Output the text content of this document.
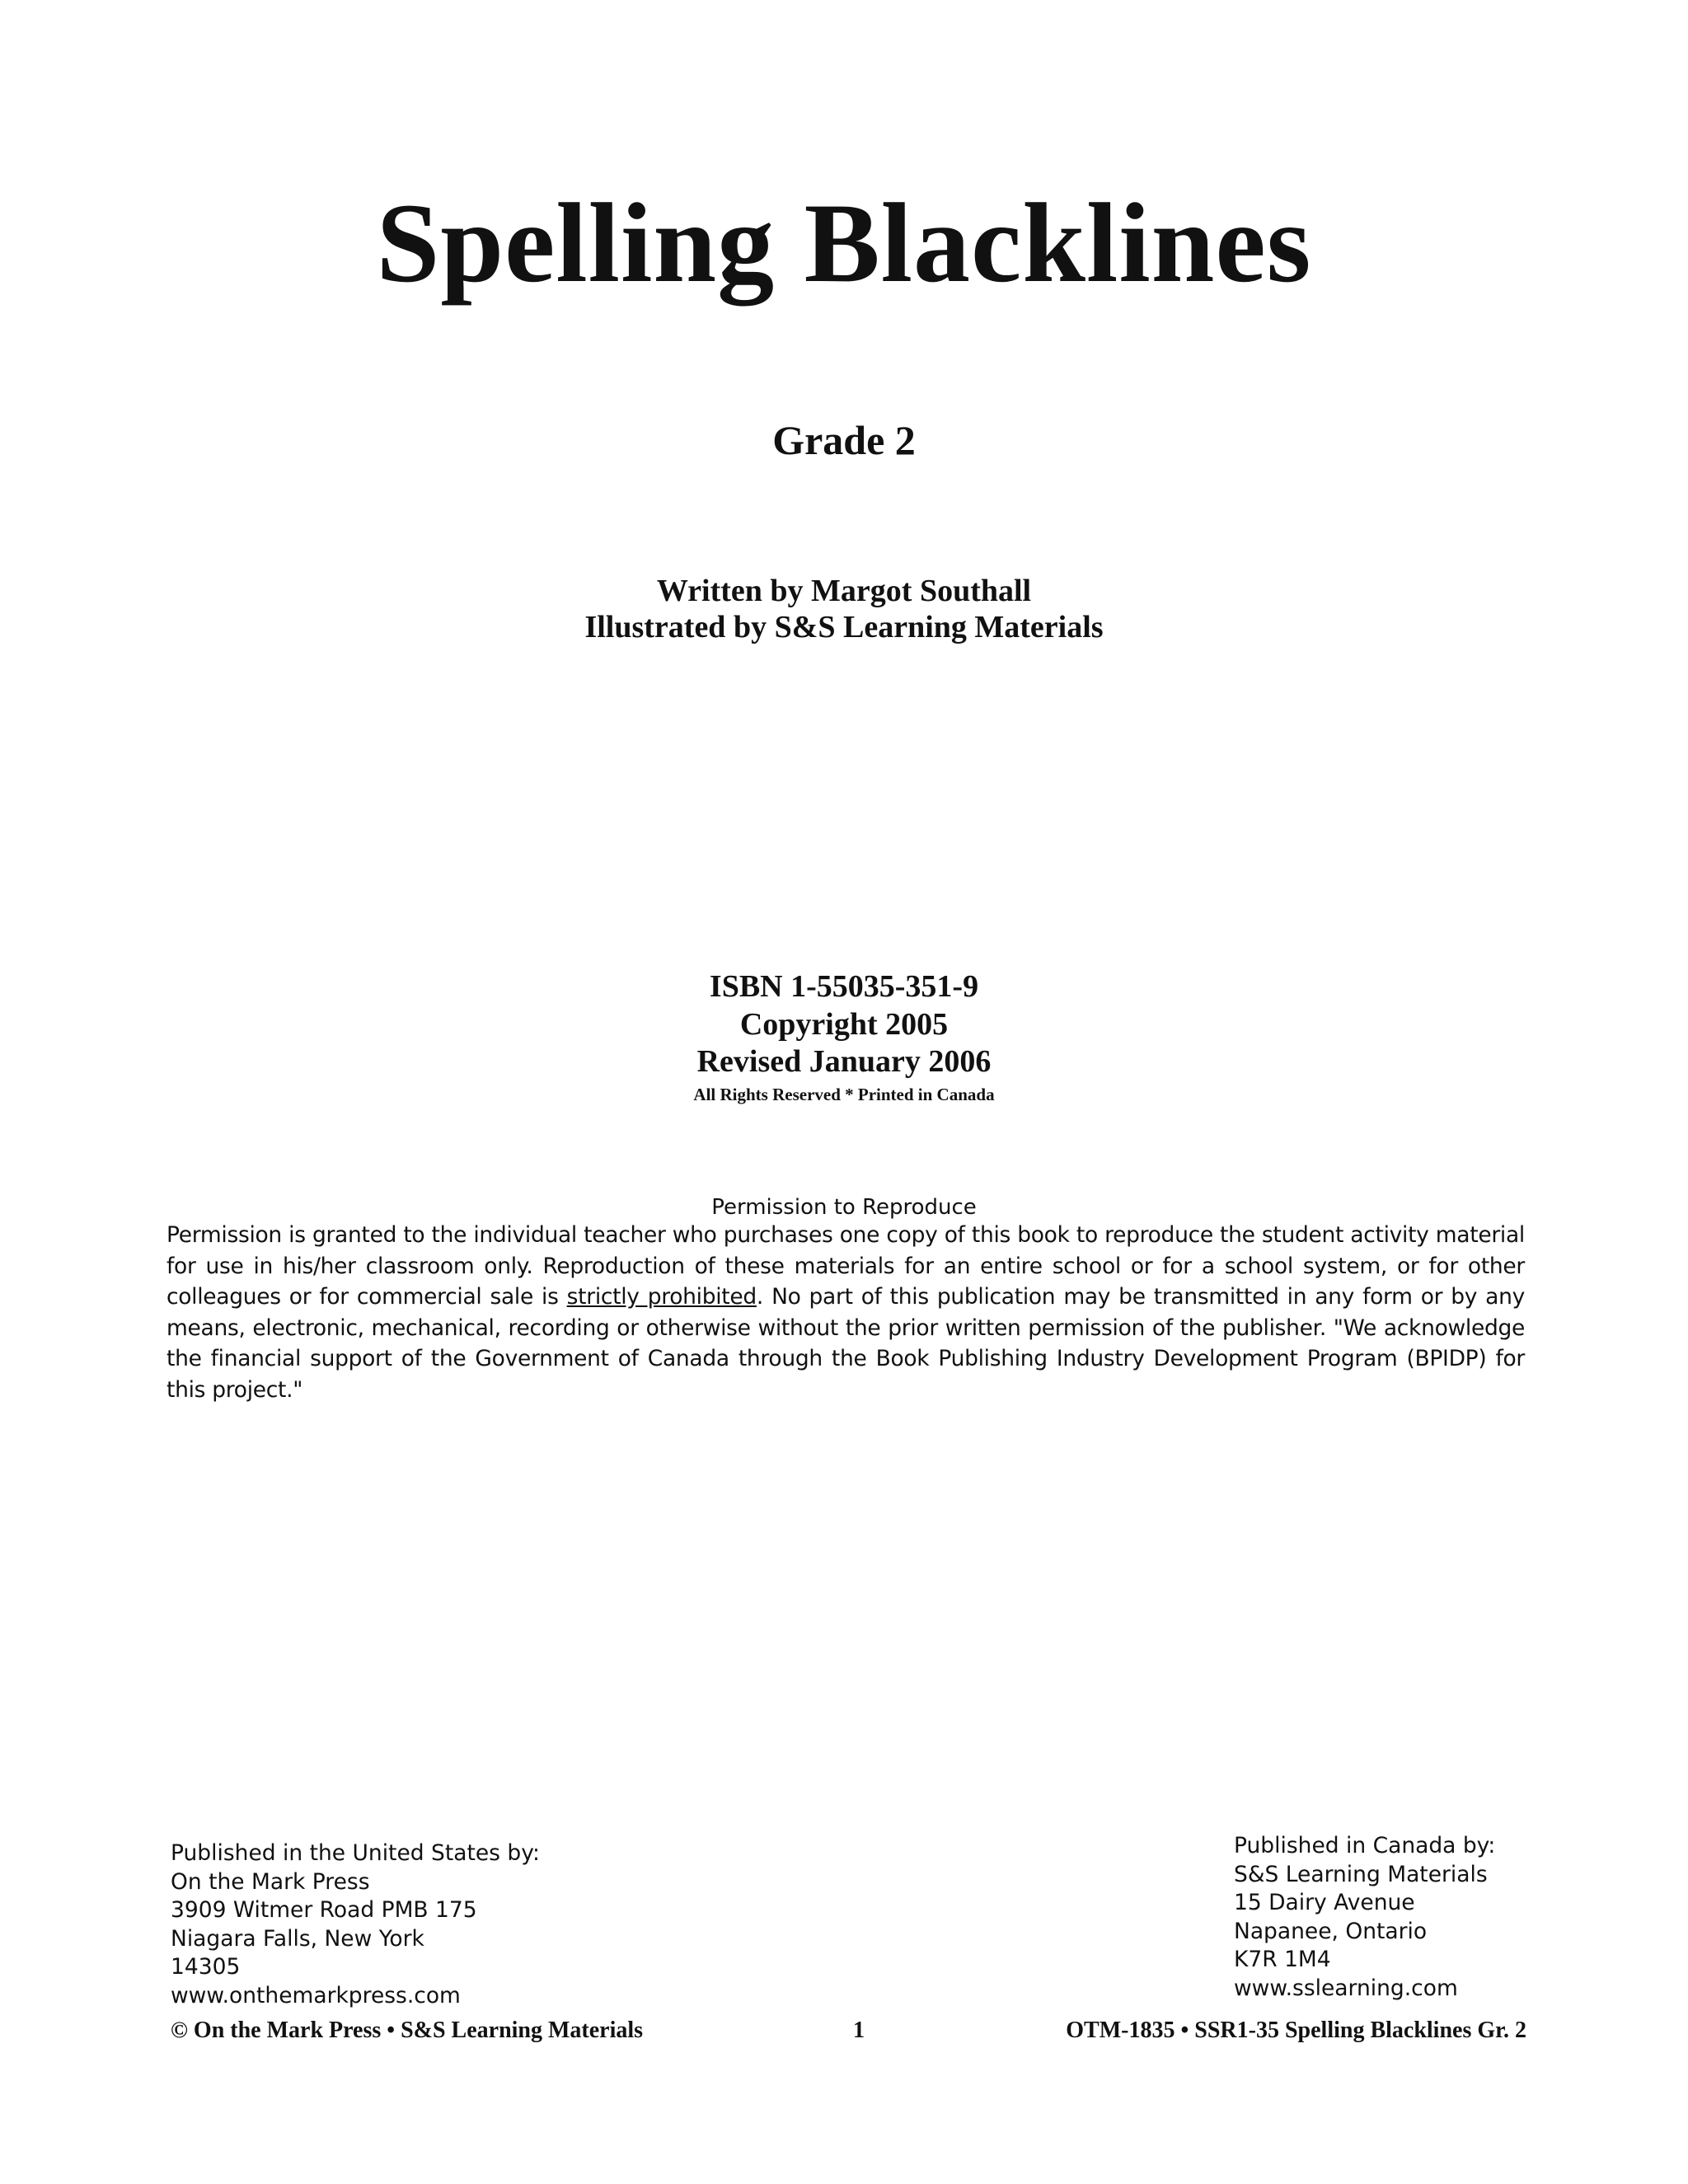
Spelling Blacklines
Grade 2
Written by Margot Southall
Illustrated by S&S Learning Materials
ISBN 1-55035-351-9
Copyright 2005
Revised January 2006
All Rights Reserved * Printed in Canada
Permission to Reproduce
Permission is granted to the individual teacher who purchases one copy of this book to reproduce the student activity material for use in his/her classroom only. Reproduction of these materials for an entire school or for a school system, or for other colleagues or for commercial sale is strictly prohibited. No part of this publication may be transmitted in any form or by any means, electronic, mechanical, recording or otherwise without the prior written permission of the publisher. "We acknowledge the financial support of the Government of Canada through the Book Publishing Industry Development Program (BPIDP) for this project."
Published in the United States by:
On the Mark Press
3909 Witmer Road PMB 175
Niagara Falls, New York
14305
www.onthemarkpress.com
Published in Canada by:
S&S Learning Materials
15 Dairy Avenue
Napanee, Ontario
K7R 1M4
www.sslearning.com
© On the Mark Press • S&S Learning Materials	1	OTM-1835 • SSR1-35 Spelling Blacklines Gr. 2
